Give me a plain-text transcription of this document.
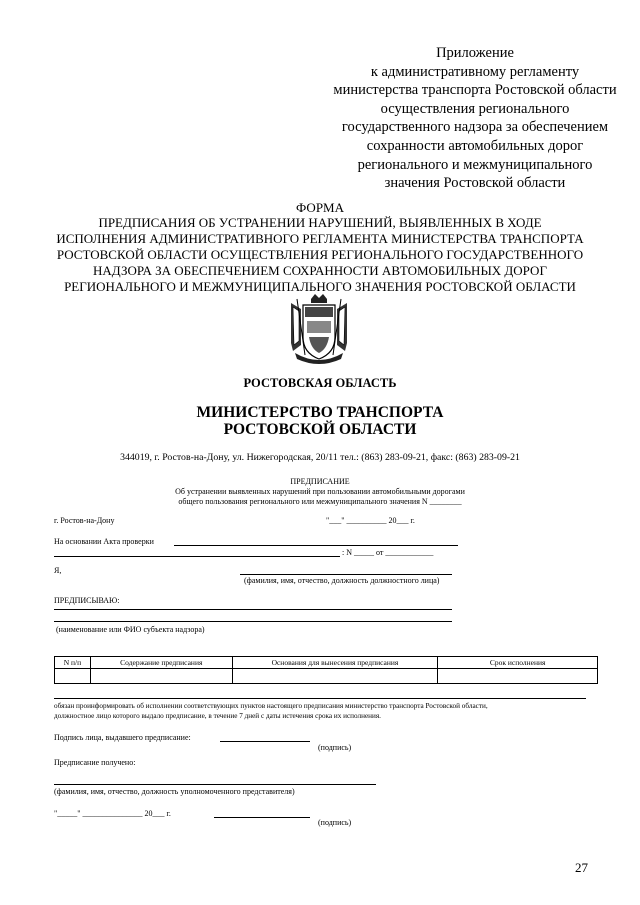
Приложение
к административному регламенту
министерства транспорта Ростовской области
осуществления регионального
государственного надзора за обеспечением
сохранности автомобильных дорог
регионального и межмуниципального
значения Ростовской области
ФОРМА
ПРЕДПИСАНИЯ ОБ УСТРАНЕНИИ НАРУШЕНИЙ, ВЫЯВЛЕННЫХ В ХОДЕ
ИСПОЛНЕНИЯ АДМИНИСТРАТИВНОГО РЕГЛАМЕНТА МИНИСТЕРСТВА ТРАНСПОРТА
РОСТОВСКОЙ ОБЛАСТИ ОСУЩЕСТВЛЕНИЯ РЕГИОНАЛЬНОГО ГОСУДАРСТВЕННОГО
НАДЗОРА ЗА ОБЕСПЕЧЕНИЕМ СОХРАННОСТИ АВТОМОБИЛЬНЫХ ДОРОГ
РЕГИОНАЛЬНОГО И МЕЖМУНИЦИПАЛЬНОГО ЗНАЧЕНИЯ РОСТОВСКОЙ ОБЛАСТИ
РОСТОВСКАЯ ОБЛАСТЬ
МИНИСТЕРСТВО ТРАНСПОРТА
РОСТОВСКОЙ ОБЛАСТИ
344019, г. Ростов-на-Дону, ул. Нижегородская, 20/11 тел.: (863) 283-09-21, факс: (863) 283-09-21
ПРЕДПИСАНИЕ
Об устранении выявленных нарушений при пользовании автомобильными дорогами
общего пользования регионального или межмуниципального значения N ________
г. Ростов-на-Дону	"___" __________ 20___ г.
На основании Акта проверки
: N _____ от ____________
Я,
(фамилия, имя, отчество, должность должностного лица)
ПРЕДПИСЫВАЮ:
(наименование или ФИО субъекта надзора)
N п/п	Содержание предписания	Основания для вынесения предписания	Срок исполнения

обязан проинформировать об исполнении соответствующих пунктов настоящего предписания министерство транспорта Ростовской области,
должностное лицо которого выдало предписание, в течение 7 дней с даты истечения срока их исполнения.
Подпись лица, выдавшего предписание:
(подпись)
Предписание получено:
(фамилия, имя, отчество, должность уполномоченного представителя)
"_____" _______________ 20___ г.
(подпись)
27
